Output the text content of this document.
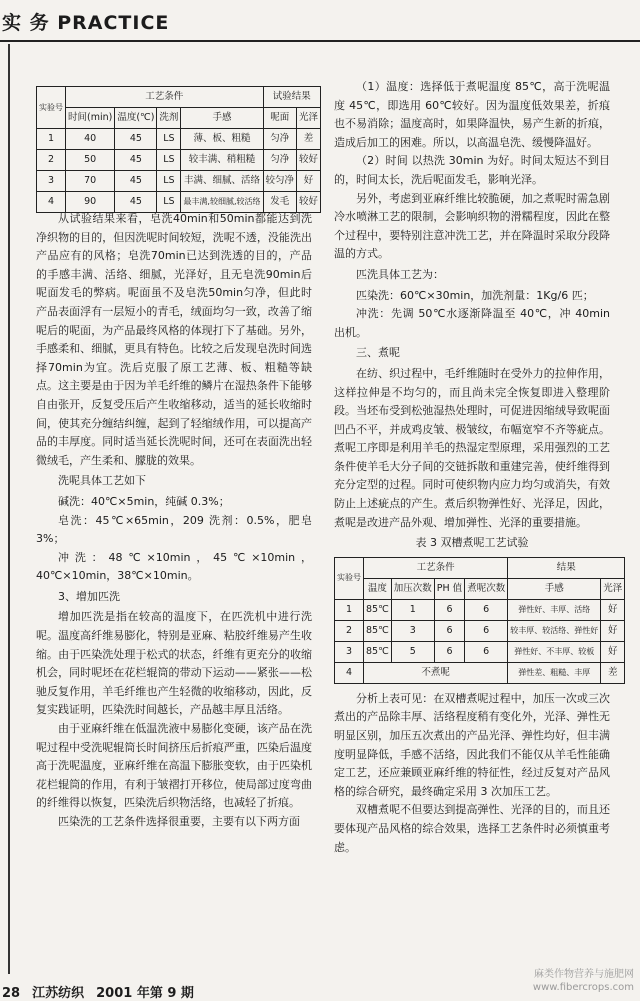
实 务 PRACTICE
实验号	工艺条件				试验结果	
	时间(min)	温度(℃)	洗剂	手感	呢面	光泽
1	40	45	LS	薄、板、粗糙	匀净	差
2	50	45	LS	较丰满、稍粗糙	匀净	较好
3	70	45	LS	丰满、细腻、活络	较匀净	好
4	90	45	LS	最丰满,较细腻,较活络	发毛	较好

从试验结果来看，皂洗40min和50min都能达到洗净织物的目的，但因洗呢时间较短，洗呢不透，没能洗出产品应有的风格；皂洗70min已达到洗透的目的，产品的手感丰满、活络、细腻，光泽好，且无皂洗90min后呢面发毛的弊病。呢面虽不及皂洗50min匀净，但此时产品表面浮有一层短小的青毛，绒面均匀一致，改善了缩呢后的呢面，为产品最终风格的体现打下了基础。另外，手感柔和、细腻，更具有特色。比较之后发现皂洗时间选择70min为宜。洗后克服了原工艺薄、板、粗糙等缺点。这主要是由于因为羊毛纤维的鳞片在湿热条件下能够自由张开，反复受压后产生收缩移动，适当的延长收缩时间，使其充分缠结纠缠，起到了轻缩绒作用，可以提高产品的丰厚度。同时适当延长洗呢时间，还可在表面洗出轻微绒毛，产生柔和、朦胧的效果。

洗呢具体工艺如下

碱洗：40℃×5min，纯碱 0.3%；

皂洗：45℃×65min，209 洗剂：0.5%，肥皂 3%；

冲洗：48℃×10min，45℃×10min，40℃×10min，38℃×10min。

3、增加匹洗

增加匹洗是指在较高的温度下，在匹洗机中进行洗呢。温度高纤维易膨化，特别是亚麻、粘胶纤维易产生收缩。由于匹染洗处理于松式的状态，纤维有更充分的收缩机会，同时呢坯在花栏辊筒的带动下运动——紧张——松驰反复作用，羊毛纤维也产生轻微的收缩移动，因此，反复实践证明，匹染洗时间越长，产品越丰厚且活络。

由于亚麻纤维在低温洗液中易膨化变硬，该产品在洗呢过程中受洗呢辊筒长时间挤压后折痕严重，匹染后温度高于洗呢温度，亚麻纤维在高温下膨胀变软，由于匹染机花栏辊筒的作用，有利于皱褶打开移位，使局部过度弯曲的纤维得以恢复，匹染洗后织物活络，也减轻了折痕。

匹染洗的工艺条件选择很重要，主要有以下两方面

（1）温度：选择低于煮呢温度 85℃，高于洗呢温度 45℃，即选用 60℃较好。因为温度低效果差，折痕也不易消除；温度高时，如果降温快，易产生新的折痕，造成后加工的困难。所以，以高温皂洗、缓慢降温好。

（2）时间 以热洗 30min 为好。时间太短达不到目的，时间太长，洗后呢面发毛，影响光泽。

另外，考虑到亚麻纤维比较脆硬，加之煮呢时需急剧冷水喷淋工艺的限制，会影响织物的滑糯程度，因此在整个过程中，要特别注意冲洗工艺，并在降温时采取分段降温的方式。

匹洗具体工艺为：

匹染洗：60℃×30min，加洗剂量：1Kg/6 匹；

冲洗：先调 50℃水逐渐降温至 40℃，冲 40min 出机。

三、煮呢

在纺、织过程中，毛纤维随时在受外力的拉伸作用，这样拉伸是不均匀的，而且尚未完全恢复即进入整理阶段。当坯布受到松弛湿热处理时，可促进因缩绒导致呢面凹凸不平，并成鸡皮皱、极皱纹，布幅宽窄不齐等疵点。煮呢工序即是利用羊毛的热湿定型原理，采用强烈的工艺条件使羊毛大分子间的交链拆散和重建完善，使纤维得到充分定型的过程。同时可使织物内应力均匀或消失，有效防止上述疵点的产生。煮后织物弹性好、光泽足，因此，煮呢是改进产品外观、增加弹性、光泽的重要措施。

表 3 双槽煮呢工艺试验

实验号	工艺条件				结果	
	温度	加压次数	PH 值	煮呢次数	手感	光泽
1	85℃	1	6	6	弹性好、丰厚、活络	好
2	85℃	3	6	6	较丰厚、较活络、弹性好	好
3	85℃	5	6	6	弹性好、不丰厚、较板	好
4	不煮呢				弹性差、粗糙、丰厚	差

分析上表可见：在双槽煮呢过程中，加压一次或三次煮出的产品除丰厚、活络程度稍有变化外，光泽、弹性无明显区别，加压五次煮出的产品光泽、弹性均好，但丰满度明显降低，手感不活络，因此我们不能仅从羊毛性能确定工艺，还应兼顾亚麻纤维的特征性，经过反复对产品风格的综合研究，最终确定采用 3 次加压工艺。

双槽煮呢不但要达到提高弹性、光泽的目的，而且还要体现产品风格的综合效果，选择工艺条件时必须慎重考虑。

28 江苏纺织 2001 年第 9 期
麻类作物营养与施肥网
www.fibercrops.com
